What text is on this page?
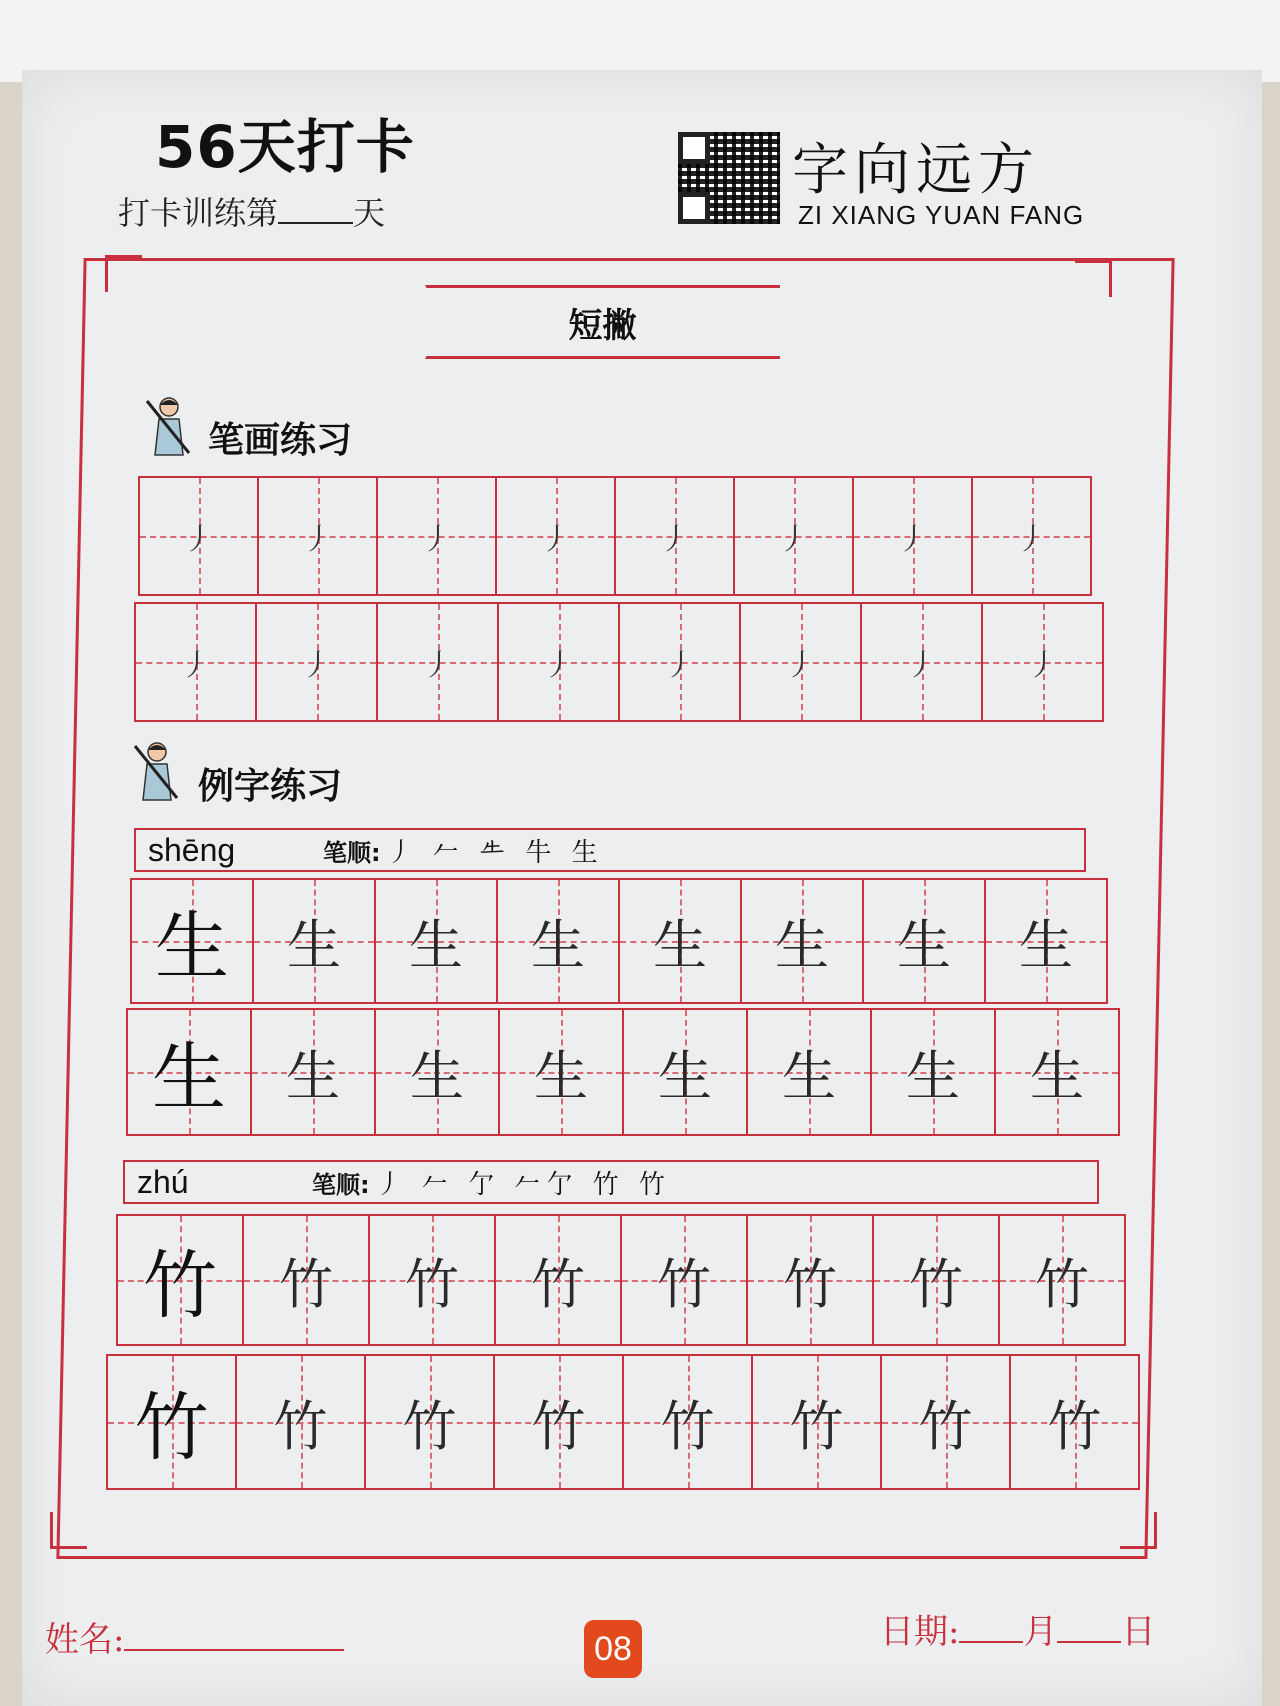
56天打卡
打卡训练第 天
字向远方
ZI XIANG YUAN FANG
短撇
笔画练习
丿	丿	丿	丿	丿	丿	丿	丿
丿	丿	丿	丿	丿	丿	丿	丿
例字练习
shēng	笔顺: 丿 𠂉 𠂒 牛 生
生 生 生 生 生 生 生 生
生 生 生 生 生 生 生 生
zhú	笔顺: 丿 𠂉 亇 𠂉亇 竹 竹
竹 竹 竹 竹 竹 竹 竹 竹
竹 竹 竹 竹 竹 竹 竹 竹
姓名:	08	日期: 月 日
